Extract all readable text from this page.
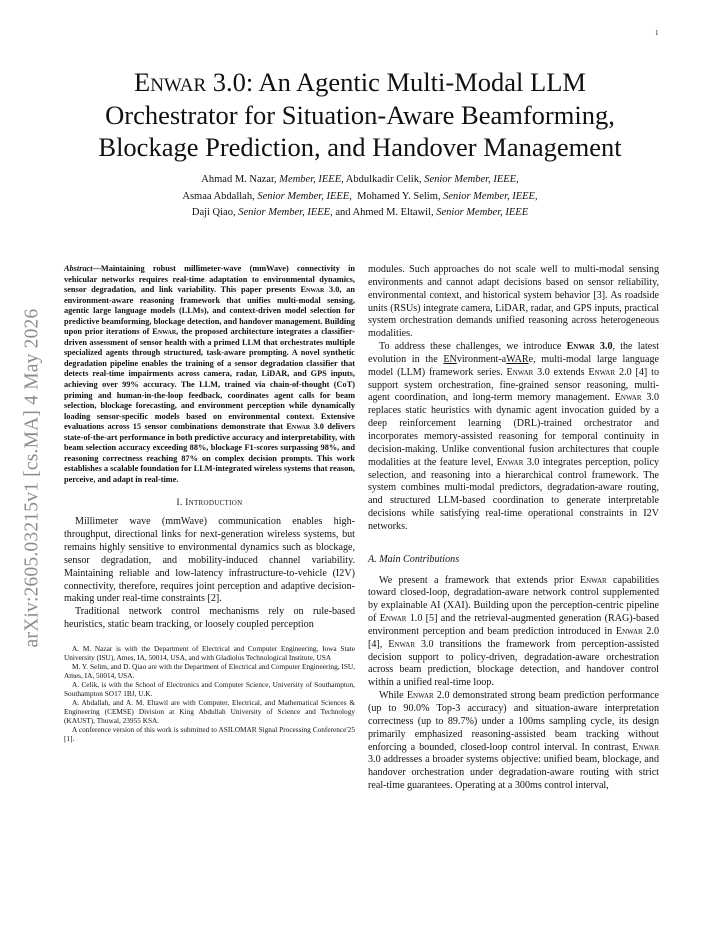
1
arXiv:2605.03215v1 [cs.MA] 4 May 2026
Enwar 3.0: An Agentic Multi-Modal LLM
Orchestrator for Situation-Aware Beamforming,
Blockage Prediction, and Handover Management
Ahmad M. Nazar, Member, IEEE, Abdulkadir Celik, Senior Member, IEEE,
Asmaa Abdallah, Senior Member, IEEE,  Mohamed Y. Selim, Senior Member, IEEE,
Daji Qiao, Senior Member, IEEE, and Ahmed M. Eltawil, Senior Member, IEEE

Abstract—Maintaining robust millimeter-wave (mmWave) connectivity in vehicular networks requires real-time adaptation to environmental dynamics, sensor degradation, and link variability. This paper presents Enwar 3.0, an environment-aware reasoning framework that unifies multi-modal sensing, agentic large language models (LLMs), and context-driven model selection for predictive beamforming, blockage detection, and handover management. Building upon prior iterations of Enwar, the proposed architecture integrates a classifier-driven assessment of sensor health with a primed LLM that orchestrates multiple specialized agents through structured, task-aware prompting. A novel synthetic degradation pipeline enables the training of a sensor degradation classifier that detects real-time impairments across camera, radar, LiDAR, and GPS inputs, achieving over 99% accuracy. The LLM, trained via chain-of-thought (CoT) priming and human-in-the-loop feedback, coordinates agent calls for beam selection, blockage forecasting, and environment perception while dynamically loading sensor-specific models based on environmental context. Extensive evaluations across 15 sensor combinations demonstrate that Enwar 3.0 delivers state-of-the-art performance in both predictive accuracy and interpretability, with beam selection accuracy exceeding 88%, blockage F1-scores surpassing 98%, and reasoning correctness reaching 87% on complex decision prompts. This work establishes a scalable foundation for LLM-integrated wireless systems that reason, perceive, and adapt in real-time.

I. Introduction

Millimeter wave (mmWave) communication enables high-throughput, directional links for next-generation wireless systems, but remains highly sensitive to environmental dynamics such as blockage, sensor degradation, and mobility-induced channel variability. Maintaining reliable and low-latency infrastructure-to-vehicle (I2V) connectivity, therefore, requires joint perception and adaptive decision-making under real-time constraints [2].

Traditional network control mechanisms rely on rule-based heuristics, static beam tracking, or loosely coupled perception

A. M. Nazar is with the Department of Electrical and Computer Engineering, Iowa State University (ISU), Ames, IA, 50014, USA, and with Gladiolus Technological Institute, USA

M. Y. Selim, and D. Qiao are with the Department of Electrical and Computer Engineering, ISU, Ames, IA, 50014, USA.

A. Celik, is with the School of Electronics and Computer Science, University of Southampton, Southampton SO17 1BJ, U.K.

A. Abdallah, and A. M. Eltawil are with Computer, Electrical, and Mathematical Sciences & Engineering (CEMSE) Division at King Abdullah University of Science and Technology (KAUST), Thuwal, 23955 KSA.

A conference version of this work is submitted to ASILOMAR Signal Processing Conference'25 [1].

modules. Such approaches do not scale well to multi-modal sensing environments and cannot adapt decisions based on sensor reliability, environmental context, and historical system behavior [3]. As roadside units (RSUs) integrate camera, LiDAR, radar, and GPS inputs, practical system orchestration demands unified reasoning across heterogeneous modalities.

To address these challenges, we introduce Enwar 3.0, the latest evolution in the ENvironment-aWARe, multi-modal large language model (LLM) framework series. Enwar 3.0 extends Enwar 2.0 [4] to support system orchestration, fine-grained sensor reasoning, multi-agent coordination, and long-term memory management. Enwar 3.0 replaces static heuristics with dynamic agent invocation guided by a deep reinforcement learning (DRL)-trained orchestrator and incorporates memory-assisted reasoning for temporal continuity in decision-making. Unlike conventional fusion architectures that couple modalities at the feature level, Enwar 3.0 integrates perception, policy selection, and reasoning into a hierarchical control framework. The system combines multi-modal predictors, degradation-aware routing, and structured LLM-based coordination to generate interpretable decisions while satisfying real-time operational constraints in I2V networks.

A. Main Contributions

We present a framework that extends prior Enwar capabilities toward closed-loop, degradation-aware network control supplemented by explainable AI (XAI). Building upon the perception-centric pipeline of Enwar 1.0 [5] and the retrieval-augmented generation (RAG)-based environment perception and beam prediction introduced in Enwar 2.0 [4], Enwar 3.0 transitions the framework from perception-assisted decision support to policy-driven, degradation-aware orchestration across beam prediction, blockage detection, and handover control within a unified real-time loop.

While Enwar 2.0 demonstrated strong beam prediction performance (up to 90.0% Top-3 accuracy) and situation-aware interpretation correctness (up to 89.7%) under a 100ms sampling cycle, its design primarily emphasized reasoning-assisted beam tracking without enforcing a bounded, closed-loop control interval. In contrast, Enwar 3.0 addresses a broader systems objective: unified beam, blockage, and handover orchestration under degradation-aware routing with strict real-time guarantees. Operating at a 300ms control interval,
